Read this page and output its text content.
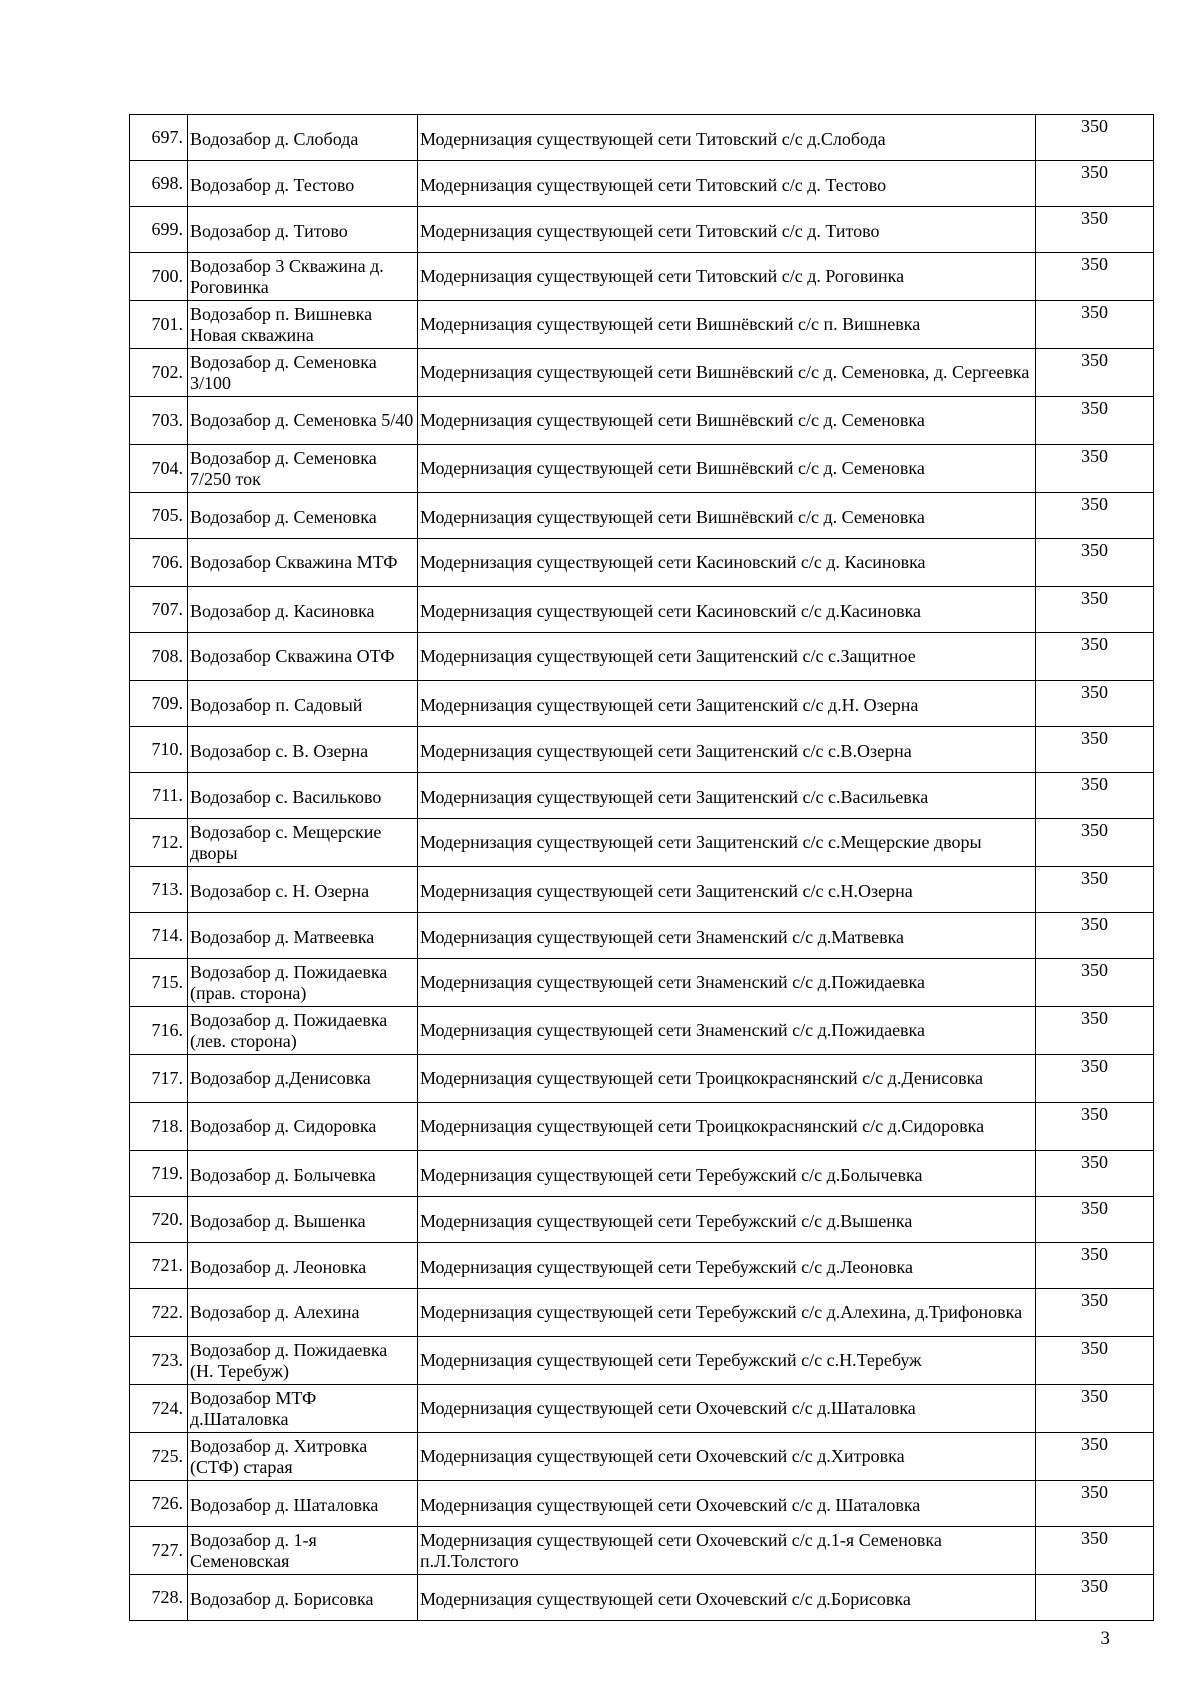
697.	Водозабор д. Слобода	Модернизация существующей сети Титовский с/с д.Слобода	350
698.	Водозабор д. Тестово	Модернизация существующей сети Титовский с/с д. Тестово	350
699.	Водозабор д. Титово	Модернизация существующей сети Титовский с/с д. Титово	350
700.	Водозабор 3 Скважина д. Роговинка	Модернизация существующей сети Титовский с/с д. Роговинка	350
701.	Водозабор п. Вишневка Новая скважина	Модернизация существующей сети Вишнёвский с/с п. Вишневка	350
702.	Водозабор д. Семеновка 3/100	Модернизация существующей сети Вишнёвский с/с д. Семеновка, д. Сергеевка	350
703.	Водозабор д. Семеновка 5/40	Модернизация существующей сети Вишнёвский с/с д. Семеновка	350
704.	Водозабор д. Семеновка 7/250 ток	Модернизация существующей сети Вишнёвский с/с д. Семеновка	350
705.	Водозабор д. Семеновка	Модернизация существующей сети Вишнёвский с/с д. Семеновка	350
706.	Водозабор Скважина МТФ	Модернизация существующей сети Касиновский с/с д. Касиновка	350
707.	Водозабор д. Касиновка	Модернизация существующей сети Касиновский с/с д.Касиновка	350
708.	Водозабор Скважина ОТФ	Модернизация существующей сети Защитенский с/с с.Защитное	350
709.	Водозабор п. Садовый	Модернизация существующей сети Защитенский с/с д.Н. Озерна	350
710.	Водозабор с. В. Озерна	Модернизация существующей сети Защитенский с/с с.В.Озерна	350
711.	Водозабор с. Васильково	Модернизация существующей сети Защитенский с/с с.Васильевка	350
712.	Водозабор с. Мещерские дворы	Модернизация существующей сети Защитенский с/с с.Мещерские дворы	350
713.	Водозабор с. Н. Озерна	Модернизация существующей сети Защитенский с/с с.Н.Озерна	350
714.	Водозабор д. Матвеевка	Модернизация существующей сети Знаменский с/с д.Матвевка	350
715.	Водозабор д. Пожидаевка (прав. сторона)	Модернизация существующей сети Знаменский с/с д.Пожидаевка	350
716.	Водозабор д. Пожидаевка (лев. сторона)	Модернизация существующей сети Знаменский с/с д.Пожидаевка	350
717.	Водозабор д.Денисовка	Модернизация существующей сети Троицкокраснянский с/с д.Денисовка	350
718.	Водозабор д. Сидоровка	Модернизация существующей сети Троицкокраснянский с/с д.Сидоровка	350
719.	Водозабор д. Болычевка	Модернизация существующей сети Теребужский с/с д.Болычевка	350
720.	Водозабор д. Вышенка	Модернизация существующей сети Теребужский с/с д.Вышенка	350
721.	Водозабор д. Леоновка	Модернизация существующей сети Теребужский с/с д.Леоновка	350
722.	Водозабор д. Алехина	Модернизация существующей сети Теребужский с/с д.Алехина, д.Трифоновка	350
723.	Водозабор д. Пожидаевка (Н. Теребуж)	Модернизация существующей сети Теребужский с/с с.Н.Теребуж	350
724.	Водозабор МТФ д.Шаталовка	Модернизация существующей сети Охочевский с/с д.Шаталовка	350
725.	Водозабор д. Хитровка (СТФ) старая	Модернизация существующей сети Охочевский с/с д.Хитровка	350
726.	Водозабор д. Шаталовка	Модернизация существующей сети Охочевский с/с д. Шаталовка	350
727.	Водозабор д. 1-я Семеновская	Модернизация существующей сети Охочевский с/с д.1-я Семеновка п.Л.Толстого	350
728.	Водозабор д. Борисовка	Модернизация существующей сети Охочевский с/с д.Борисовка	350
3
